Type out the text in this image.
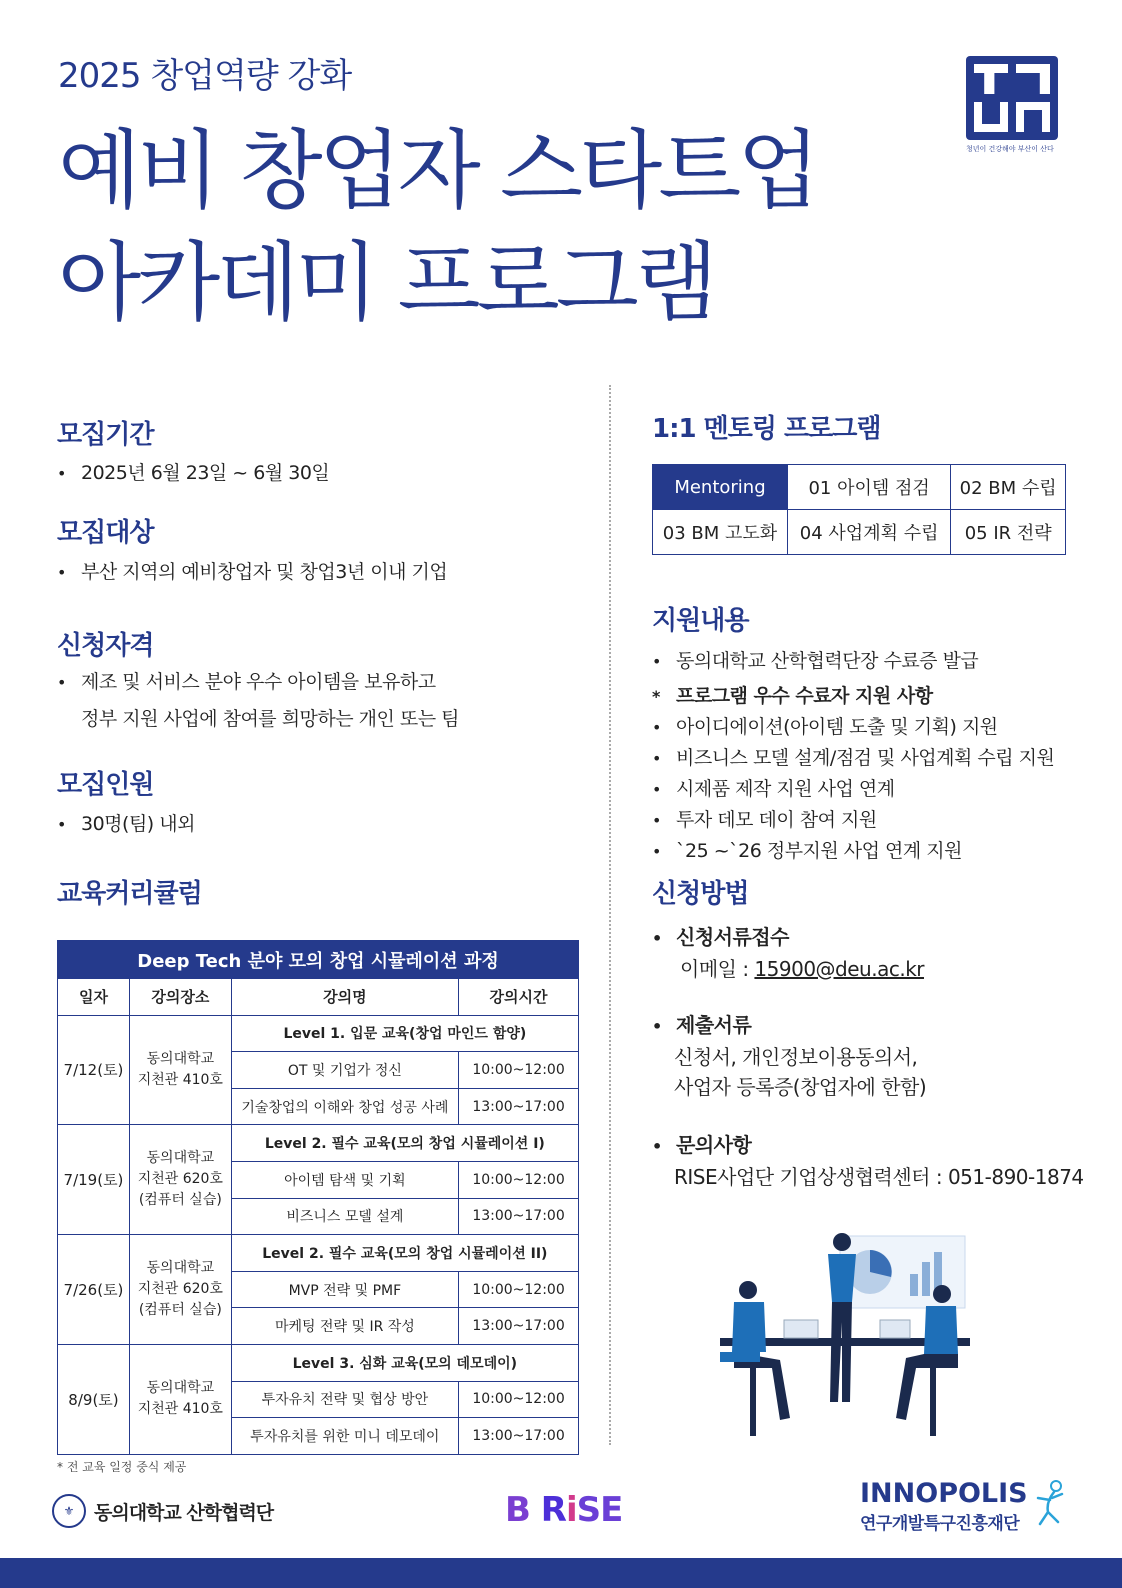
2025 창업역량 강화
예비 창업자 스타트업
아카데미 프로그램
청년이 건강해야 부산이 산다
모집기간
• 2025년 6월 23일 ~ 6월 30일
모집대상
• 부산 지역의 예비창업자 및 창업3년 이내 기업
신청자격
• 제조 및 서비스 분야 우수 아이템을 보유하고
정부 지원 사업에 참여를 희망하는 개인 또는 팀
모집인원
• 30명(팀) 내외
교육커리큘럼
Deep Tech 분야 모의 창업 시뮬레이션 과정			
일자	강의장소	강의명	강의시간
7/12(토)	동의대학교
지천관 410호	Level 1. 입문 교육(창업 마인드 함양)	
		OT 및 기업가 정신	10:00~12:00
		기술창업의 이해와 창업 성공 사례	13:00~17:00
7/19(토)	동의대학교
지천관 620호
(컴퓨터 실습)	Level 2. 필수 교육(모의 창업 시뮬레이션 I)	
		아이템 탐색 및 기획	10:00~12:00
		비즈니스 모델 설계	13:00~17:00
7/26(토)	동의대학교
지천관 620호
(컴퓨터 실습)	Level 2. 필수 교육(모의 창업 시뮬레이션 II)	
		MVP 전략 및 PMF	10:00~12:00
		마케팅 전략 및 IR 작성	13:00~17:00
8/9(토)	동의대학교
지천관 410호	Level 3. 심화 교육(모의 데모데이)	
		투자유치 전략 및 협상 방안	10:00~12:00
		투자유치를 위한 미니 데모데이	13:00~17:00
* 전 교육 일정 중식 제공
1:1 멘토링 프로그램
Mentoring	01 아이템 점검	02 BM 수립
03 BM 고도화	04 사업계획 수립	05 IR 전략
지원내용
• 동의대학교 산학협력단장 수료증 발급
* 프로그램 우수 수료자 지원 사항
• 아이디에이션(아이템 도출 및 기획) 지원
• 비즈니스 모델 설계/점검 및 사업계획 수립 지원
• 시제품 제작 지원 사업 연계
• 투자 데모 데이 참여 지원
• `25 ~`26 정부지원 사업 연계 지원
신청방법
• 신청서류접수
이메일 : 15900@deu.ac.kr
• 제출서류
신청서, 개인정보이용동의서,
사업자 등록증(창업자에 한함)
• 문의사항
RISE사업단 기업상생협력센터 : 051-890-1874
⚜	동의대학교 산학협력단	B RiSE	INNOPOLIS
연구개발특구진흥재단
